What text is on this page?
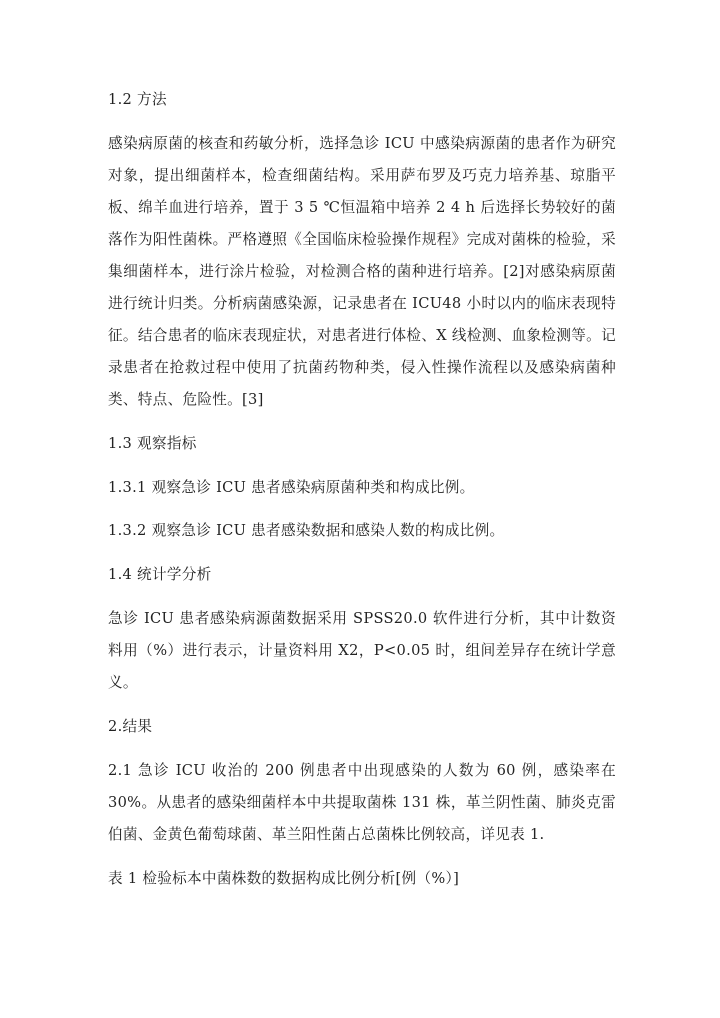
1.2 方法

感染病原菌的核查和药敏分析，选择急诊 ICU 中感染病源菌的患者作为研究对象，提出细菌样本，检查细菌结构。采用萨布罗及巧克力培养基、琼脂平板、绵羊血进行培养，置于 3 5 ℃恒温箱中培养 2 4 h 后选择长势较好的菌落作为阳性菌株。严格遵照《全国临床检验操作规程》完成对菌株的检验，采集细菌样本，进行涂片检验，对检测合格的菌种进行培养。[2]对感染病原菌进行统计归类。分析病菌感染源，记录患者在 ICU48 小时以内的临床表现特征。结合患者的临床表现症状，对患者进行体检、X 线检测、血象检测等。记录患者在抢救过程中使用了抗菌药物种类，侵入性操作流程以及感染病菌种类、特点、危险性。[3]

1.3 观察指标

1.3.1 观察急诊 ICU 患者感染病原菌种类和构成比例。

1.3.2 观察急诊 ICU 患者感染数据和感染人数的构成比例。

1.4 统计学分析

急诊 ICU 患者感染病源菌数据采用 SPSS20.0 软件进行分析，其中计数资料用（%）进行表示，计量资料用 X2，P<0.05 时，组间差异存在统计学意义。

2.结果

2.1 急诊 ICU 收治的 200 例患者中出现感染的人数为 60 例，感染率在 30%。从患者的感染细菌样本中共提取菌株 131 株，革兰阴性菌、肺炎克雷伯菌、金黄色葡萄球菌、革兰阳性菌占总菌株比例较高，详见表 1.

表 1 检验标本中菌株数的数据构成比例分析[例（%）]
